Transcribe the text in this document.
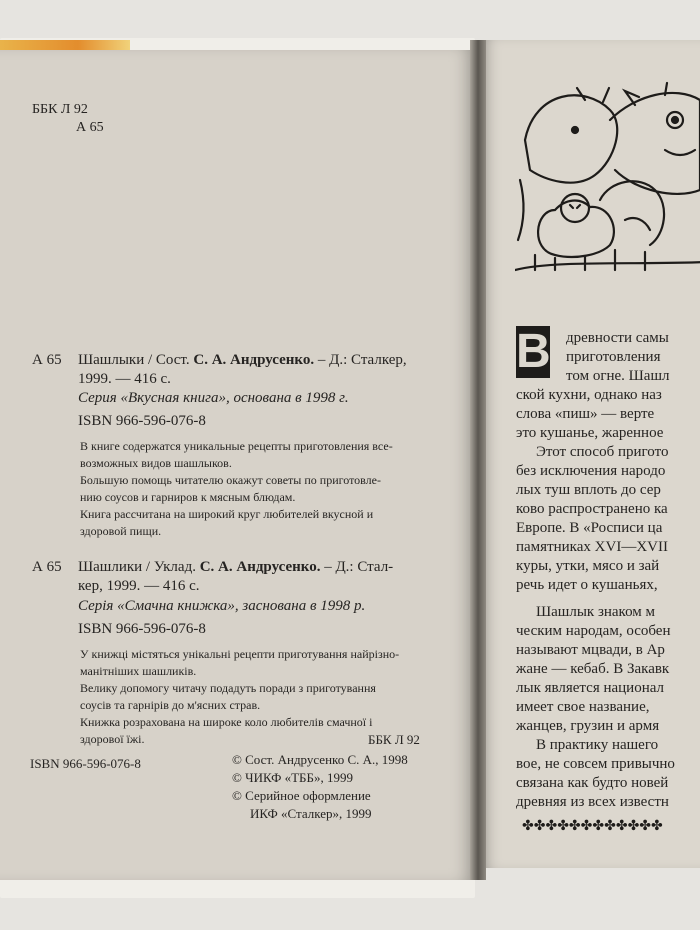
ББК Л 92
А 65
А 65 Шашлыки / Сост. С. А. Андрусенко. – Д.: Сталкер,
1999. — 416 с.
Серия «Вкусная книга», основана в 1998 г.
ISBN 966-596-076-8
В книге содержатся уникальные рецепты приготовления все-
возможных видов шашлыков.
Большую помощь читателю окажут советы по приготовле-
нию соусов и гарниров к мясным блюдам.
Книга рассчитана на широкий круг любителей вкусной и
здоровой пищи.
А 65 Шашлики / Уклад. С. А. Андрусенко. – Д.: Стал-
кер, 1999. — 416 с.
Серія «Смачна книжка», заснована в 1998 р.
ISBN 966-596-076-8
У книжці містяться унікальні рецепти приготування найрізно-
манітніших шашликів.
Велику допомогу читачу подадуть поради з приготування
соусів та гарнірів до м'ясних страв.
Книжка розрахована на широке коло любителів смачної і
здорової їжі.	ББК Л 92
ISBN 966-596-076-8	© Сост. Андрусенко С. А., 1998
© ЧИКФ «ТББ», 1999
© Серийное оформление
ИКФ «Сталкер», 1999
В древности самы
приготовления
том огне. Шашл
ской кухни, однако наз
слова «пиш» — верте
это кушанье, жаренное
Этот способ пригото
без исключения народо
лых туш вплоть до сер
ково распространено ка
Европе. В «Росписи ца
памятниках XVI—XVII
куры, утки, мясо и зай
речь идет о кушаньях,
Шашлык знаком м
ческим народам, особен
называют мцвади, в Ар
жане — кебаб. В Закавк
лык является национал
имеет свое название,
жанцев, грузин и армя
В практику нашего
вое, не совсем привычно
связана как будто новей
древняя из всех известн
✤✤✤✤✤✤✤✤✤✤✤✤
